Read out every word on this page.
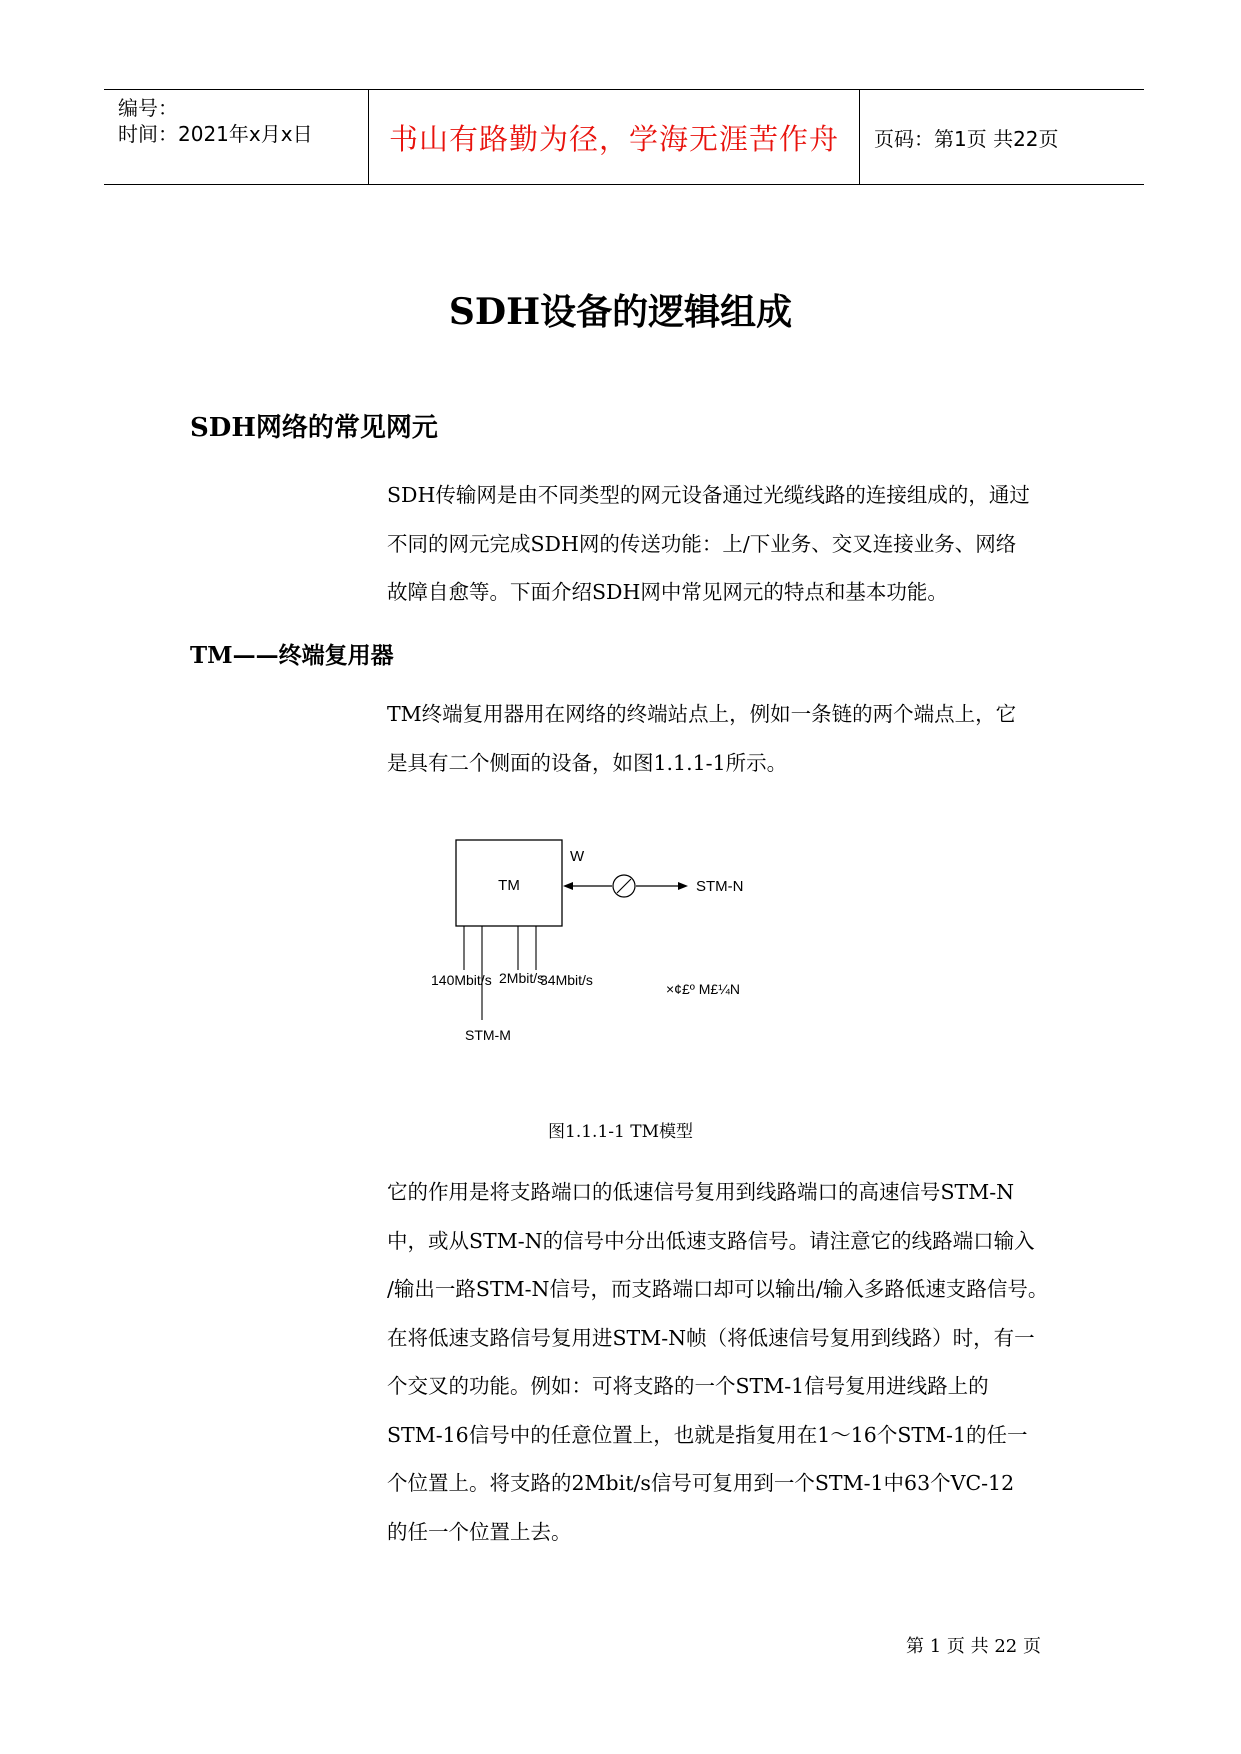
编号：
时间：2021年x月x日	书山有路勤为径，学海无涯苦作舟 页码：第1页 共22页
SDH设备的逻辑组成
SDH网络的常见网元
SDH传输网是由不同类型的网元设备通过光缆线路的连接组成的，通过
不同的网元完成SDH网的传送功能：上/下业务、交叉连接业务、网络
故障自愈等。下面介绍SDH网中常见网元的特点和基本功能。
TM——终端复用器
TM终端复用器用在网络的终端站点上，例如一条链的两个端点上，它
是具有二个侧面的设备，如图1.1.1-1所示。
TM
W
STM-N
140Mbit/s 2Mbit/s
34Mbit/s
STM-M
×¢£º M£¼N
图1.1.1-1 TM模型
它的作用是将支路端口的低速信号复用到线路端口的高速信号STM-N
中，或从STM-N的信号中分出低速支路信号。请注意它的线路端口输入
/输出一路STM-N信号，而支路端口却可以输出/输入多路低速支路信号。
在将低速支路信号复用进STM-N帧（将低速信号复用到线路）时，有一
个交叉的功能。例如：可将支路的一个STM-1信号复用进线路上的
STM-16信号中的任意位置上，也就是指复用在1～16个STM-1的任一
个位置上。将支路的2Mbit/s信号可复用到一个STM-1中63个VC-12
的任一个位置上去。
第 1 页 共 22 页
